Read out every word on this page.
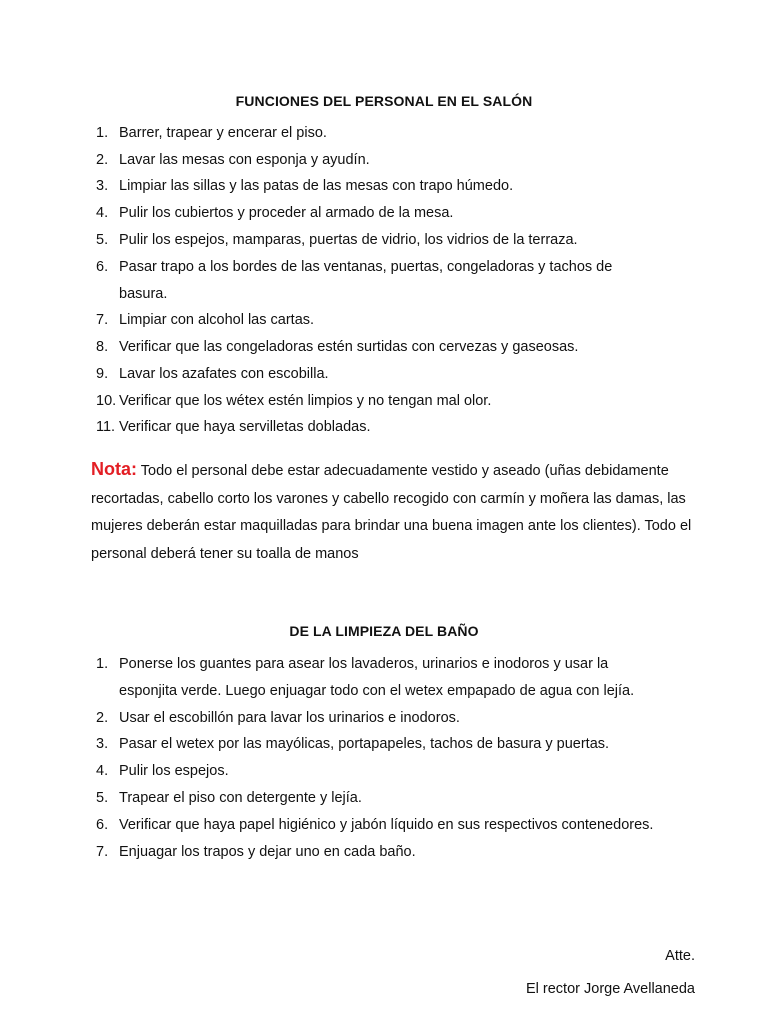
FUNCIONES DEL PERSONAL EN EL SALÓN
1. Barrer, trapear y encerar el piso.
2. Lavar las mesas con esponja y ayudín.
3. Limpiar las sillas y las patas de las mesas con trapo húmedo.
4. Pulir los cubiertos y proceder al armado de la mesa.
5. Pulir los espejos, mamparas, puertas de vidrio, los vidrios de la terraza.
6. Pasar trapo a los bordes de las ventanas, puertas, congeladoras y tachos de
basura.
7. Limpiar con alcohol las cartas.
8. Verificar que las congeladoras estén surtidas con cervezas y gaseosas.
9. Lavar los azafates con escobilla.
10. Verificar que los wétex estén limpios y no tengan mal olor.
11. Verificar que haya servilletas dobladas.
Nota: Todo el personal debe estar adecuadamente vestido y aseado (uñas debidamente recortadas, cabello corto los varones y cabello recogido con carmín y moñera las damas, las mujeres deberán estar maquilladas para brindar una buena imagen ante los clientes). Todo el personal deberá tener su toalla de manos
DE LA LIMPIEZA DEL BAÑO
1. Ponerse los guantes para asear los lavaderos, urinarios e inodoros y usar la
esponjita verde. Luego enjuagar todo con el wetex empapado de agua con lejía.
2. Usar el escobillón para lavar los urinarios e inodoros.
3. Pasar el wetex por las mayólicas, portapapeles, tachos de basura y puertas.
4. Pulir los espejos.
5. Trapear el piso con detergente y lejía.
6. Verificar que haya papel higiénico y jabón líquido en sus respectivos contenedores.
7. Enjuagar los trapos y dejar uno en cada baño.
Atte.
El rector Jorge Avellaneda
